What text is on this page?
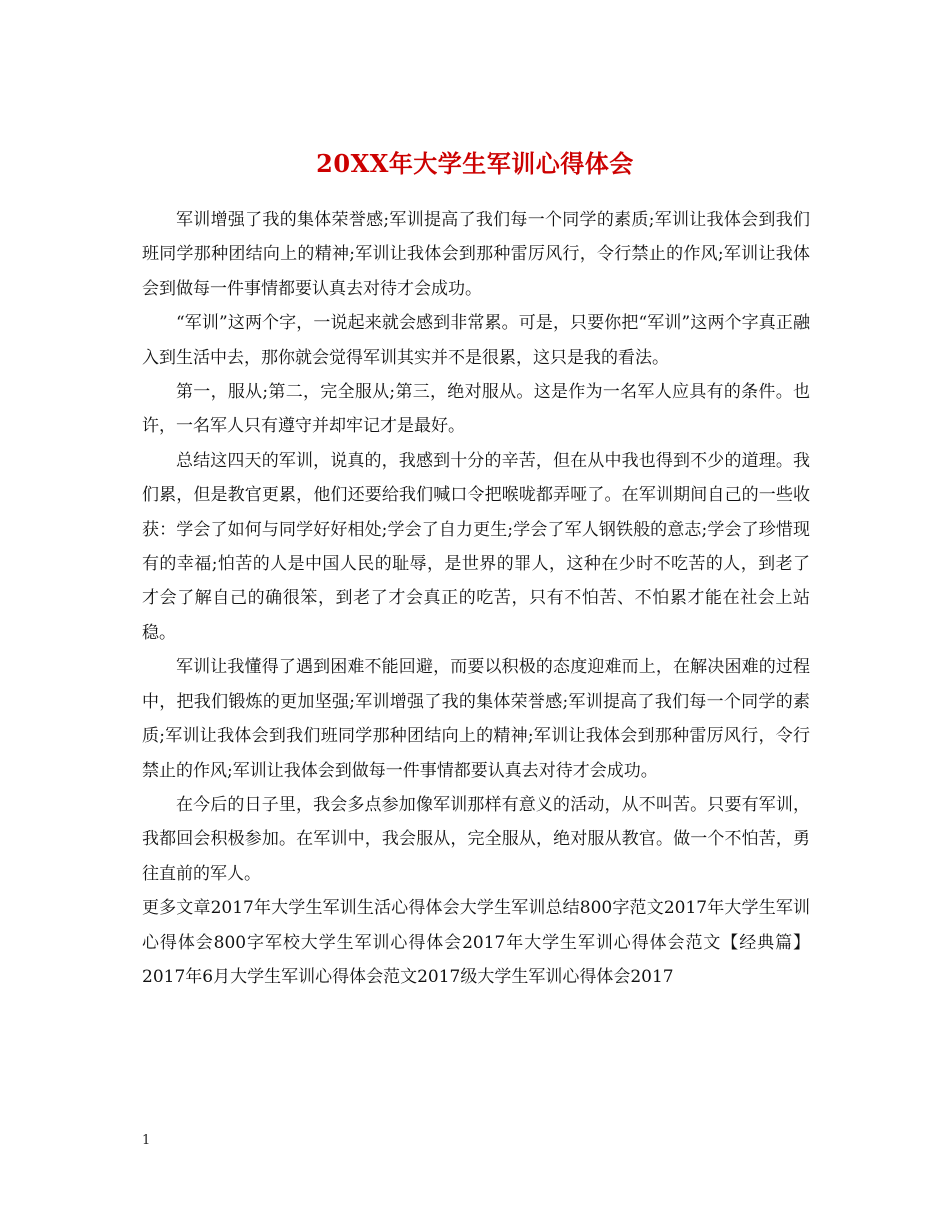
20XX年大学生军训心得体会

军训增强了我的集体荣誉感;军训提高了我们每一个同学的素质;军训让我体会到我们班同学那种团结向上的精神;军训让我体会到那种雷厉风行，令行禁止的作风;军训让我体会到做每一件事情都要认真去对待才会成功。

“军训”这两个字，一说起来就会感到非常累。可是，只要你把“军训”这两个字真正融入到生活中去，那你就会觉得军训其实并不是很累，这只是我的看法。

第一，服从;第二，完全服从;第三，绝对服从。这是作为一名军人应具有的条件。也许，一名军人只有遵守并却牢记才是最好。

总结这四天的军训，说真的，我感到十分的辛苦，但在从中我也得到不少的道理。我们累，但是教官更累，他们还要给我们喊口令把喉咙都弄哑了。在军训期间自己的一些收获：学会了如何与同学好好相处;学会了自力更生;学会了军人钢铁般的意志;学会了珍惜现有的幸福;怕苦的人是中国人民的耻辱，是世界的罪人，这种在少时不吃苦的人，到老了才会了解自己的确很笨，到老了才会真正的吃苦，只有不怕苦、不怕累才能在社会上站稳。

军训让我懂得了遇到困难不能回避，而要以积极的态度迎难而上，在解决困难的过程中，把我们锻炼的更加坚强;军训增强了我的集体荣誉感;军训提高了我们每一个同学的素质;军训让我体会到我们班同学那种团结向上的精神;军训让我体会到那种雷厉风行，令行禁止的作风;军训让我体会到做每一件事情都要认真去对待才会成功。

在今后的日子里，我会多点参加像军训那样有意义的活动，从不叫苦。只要有军训，我都回会积极参加。在军训中，我会服从，完全服从，绝对服从教官。做一个不怕苦，勇往直前的军人。

更多文章2017年大学生军训生活心得体会大学生军训总结800字范文2017年大学生军训心得体会800字军校大学生军训心得体会2017年大学生军训心得体会范文【经典篇】2017年6月大学生军训心得体会范文2017级大学生军训心得体会2017

1
